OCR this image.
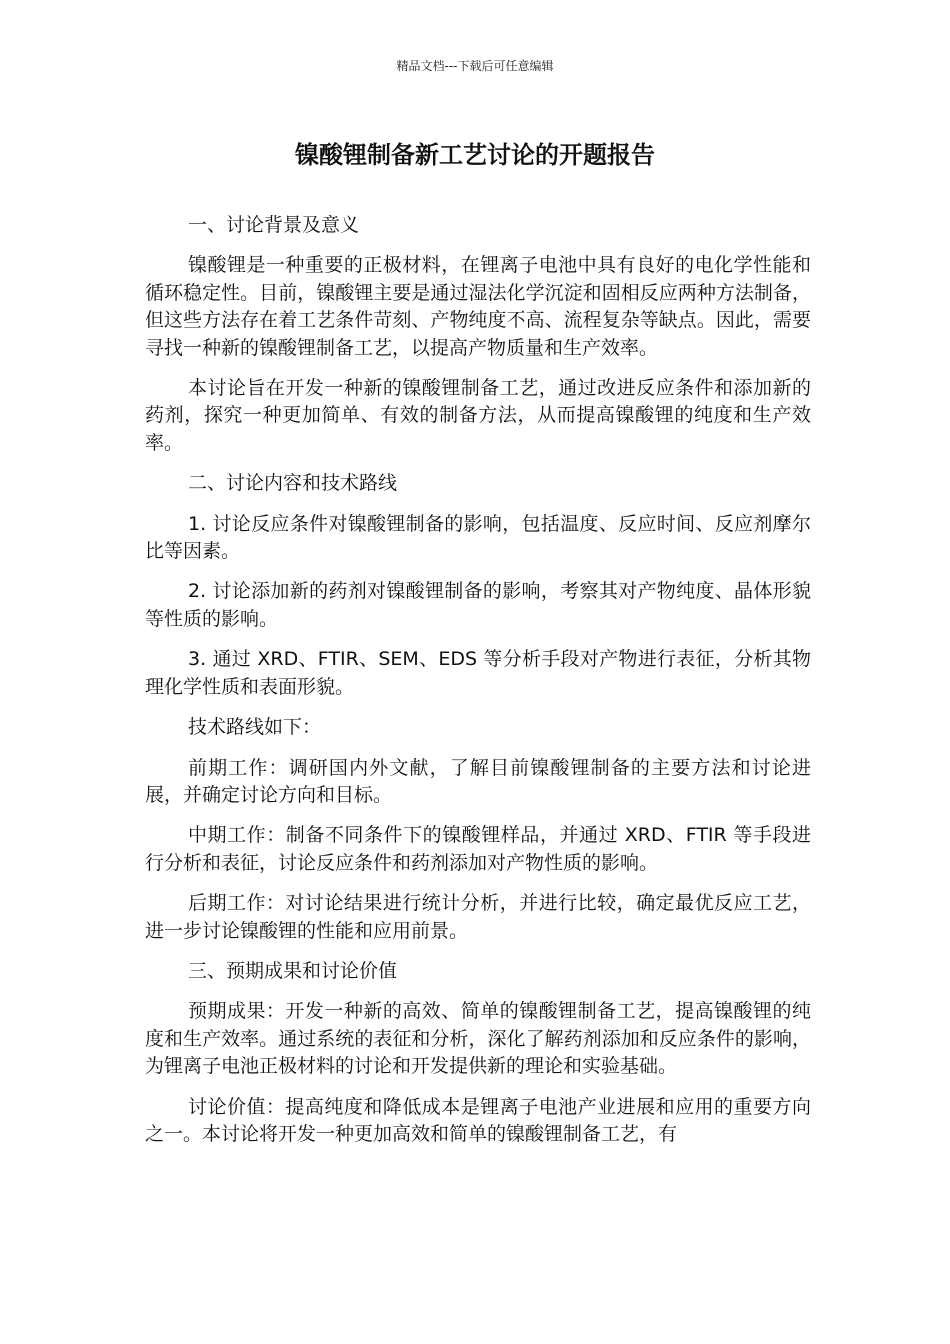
精品文档---下载后可任意编辑
镍酸锂制备新工艺讨论的开题报告

一、讨论背景及意义

镍酸锂是一种重要的正极材料，在锂离子电池中具有良好的电化学性能和循环稳定性。目前，镍酸锂主要是通过湿法化学沉淀和固相反应两种方法制备，但这些方法存在着工艺条件苛刻、产物纯度不高、流程复杂等缺点。因此，需要寻找一种新的镍酸锂制备工艺，以提高产物质量和生产效率。

本讨论旨在开发一种新的镍酸锂制备工艺，通过改进反应条件和添加新的药剂，探究一种更加简单、有效的制备方法，从而提高镍酸锂的纯度和生产效率。

二、讨论内容和技术路线

1. 讨论反应条件对镍酸锂制备的影响，包括温度、反应时间、反应剂摩尔比等因素。

2. 讨论添加新的药剂对镍酸锂制备的影响，考察其对产物纯度、晶体形貌等性质的影响。

3. 通过 XRD、FTIR、SEM、EDS 等分析手段对产物进行表征，分析其物理化学性质和表面形貌。

技术路线如下：

前期工作：调研国内外文献，了解目前镍酸锂制备的主要方法和讨论进展，并确定讨论方向和目标。

中期工作：制备不同条件下的镍酸锂样品，并通过 XRD、FTIR 等手段进行分析和表征，讨论反应条件和药剂添加对产物性质的影响。

后期工作：对讨论结果进行统计分析，并进行比较，确定最优反应工艺，进一步讨论镍酸锂的性能和应用前景。

三、预期成果和讨论价值

预期成果：开发一种新的高效、简单的镍酸锂制备工艺，提高镍酸锂的纯度和生产效率。通过系统的表征和分析，深化了解药剂添加和反应条件的影响，为锂离子电池正极材料的讨论和开发提供新的理论和实验基础。

讨论价值：提高纯度和降低成本是锂离子电池产业进展和应用的重要方向之一。本讨论将开发一种更加高效和简单的镍酸锂制备工艺，有
